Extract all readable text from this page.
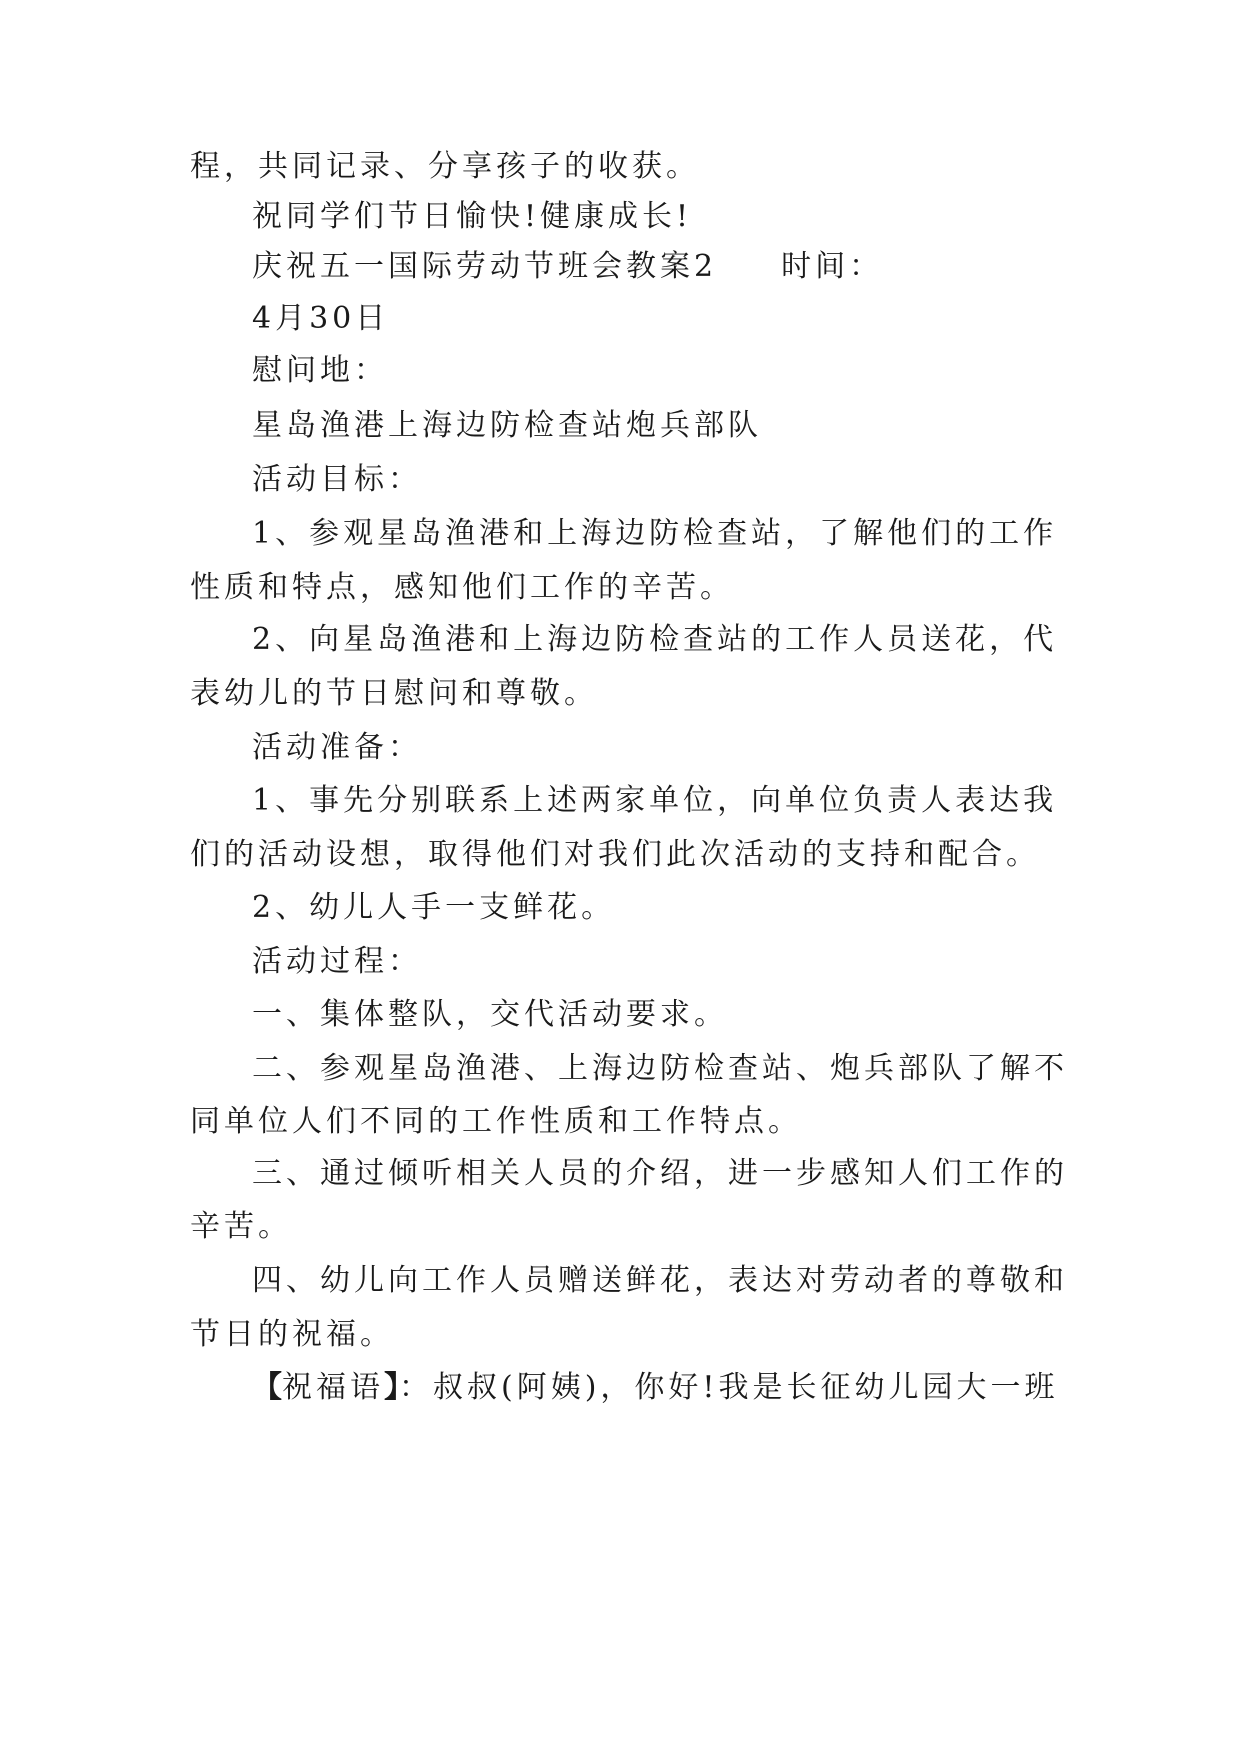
程，共同记录、分享孩子的收获。
祝同学们节日愉快!健康成长!
庆祝五一国际劳动节班会教案2 时间：
4月30日
慰问地：
星岛渔港上海边防检查站炮兵部队
活动目标：
1、参观星岛渔港和上海边防检查站，了解他们的工作
性质和特点，感知他们工作的辛苦。
2、向星岛渔港和上海边防检查站的工作人员送花，代
表幼儿的节日慰问和尊敬。
活动准备：
1、事先分别联系上述两家单位，向单位负责人表达我
们的活动设想，取得他们对我们此次活动的支持和配合。
2、幼儿人手一支鲜花。
活动过程：
一、集体整队，交代活动要求。
二、参观星岛渔港、上海边防检查站、炮兵部队了解不
同单位人们不同的工作性质和工作特点。
三、通过倾听相关人员的介绍，进一步感知人们工作的
辛苦。
四、幼儿向工作人员赠送鲜花，表达对劳动者的尊敬和
节日的祝福。
【祝福语】：叔叔(阿姨)，你好!我是长征幼儿园大一班
